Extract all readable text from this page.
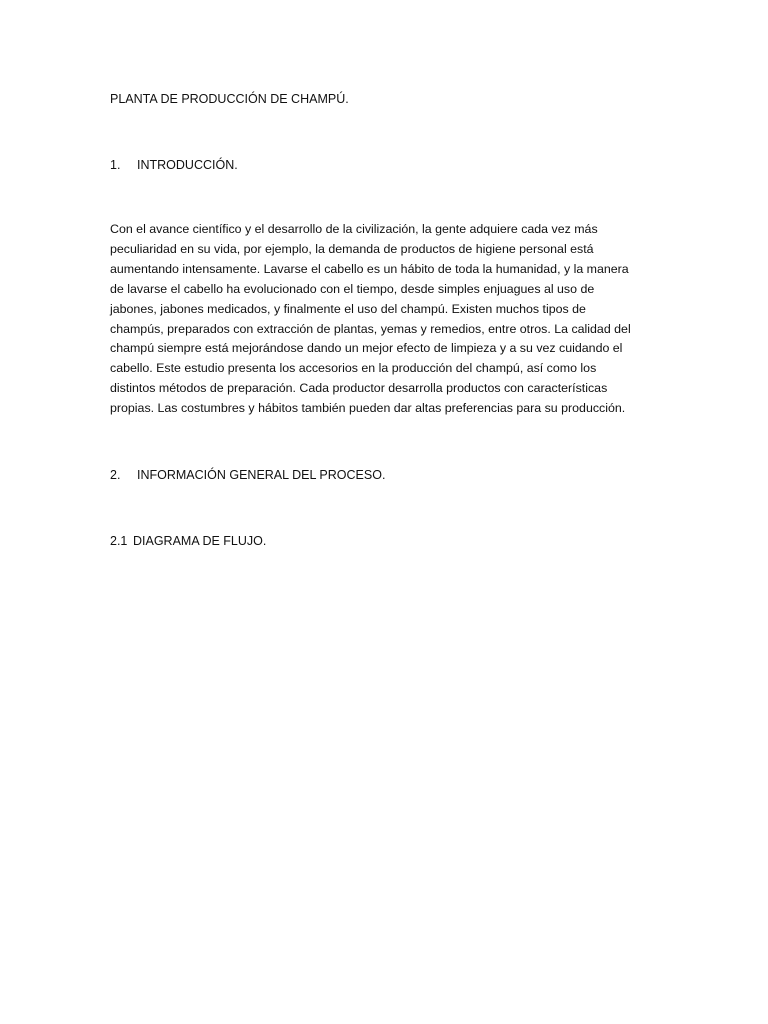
PLANTA DE PRODUCCIÓN DE CHAMPÚ.
1. INTRODUCCIÓN.
Con el avance científico y el desarrollo de la civilización, la gente adquiere cada vez más
peculiaridad en su vida, por ejemplo, la demanda de productos de higiene personal está
aumentando intensamente. Lavarse el cabello es un hábito de toda la humanidad, y la manera
de lavarse el cabello ha evolucionado con el tiempo, desde simples enjuagues al uso de
jabones, jabones medicados, y finalmente el uso del champú. Existen muchos tipos de
champús, preparados con extracción de plantas, yemas y remedios, entre otros. La calidad del
champú siempre está mejorándose dando un mejor efecto de limpieza y a su vez cuidando el
cabello. Este estudio presenta los accesorios en la producción del champú, así como los
distintos métodos de preparación. Cada productor desarrolla productos con características
propias. Las costumbres y hábitos también pueden dar altas preferencias para su producción.
2. INFORMACIÓN GENERAL DEL PROCESO.
2.1 DIAGRAMA DE FLUJO.
